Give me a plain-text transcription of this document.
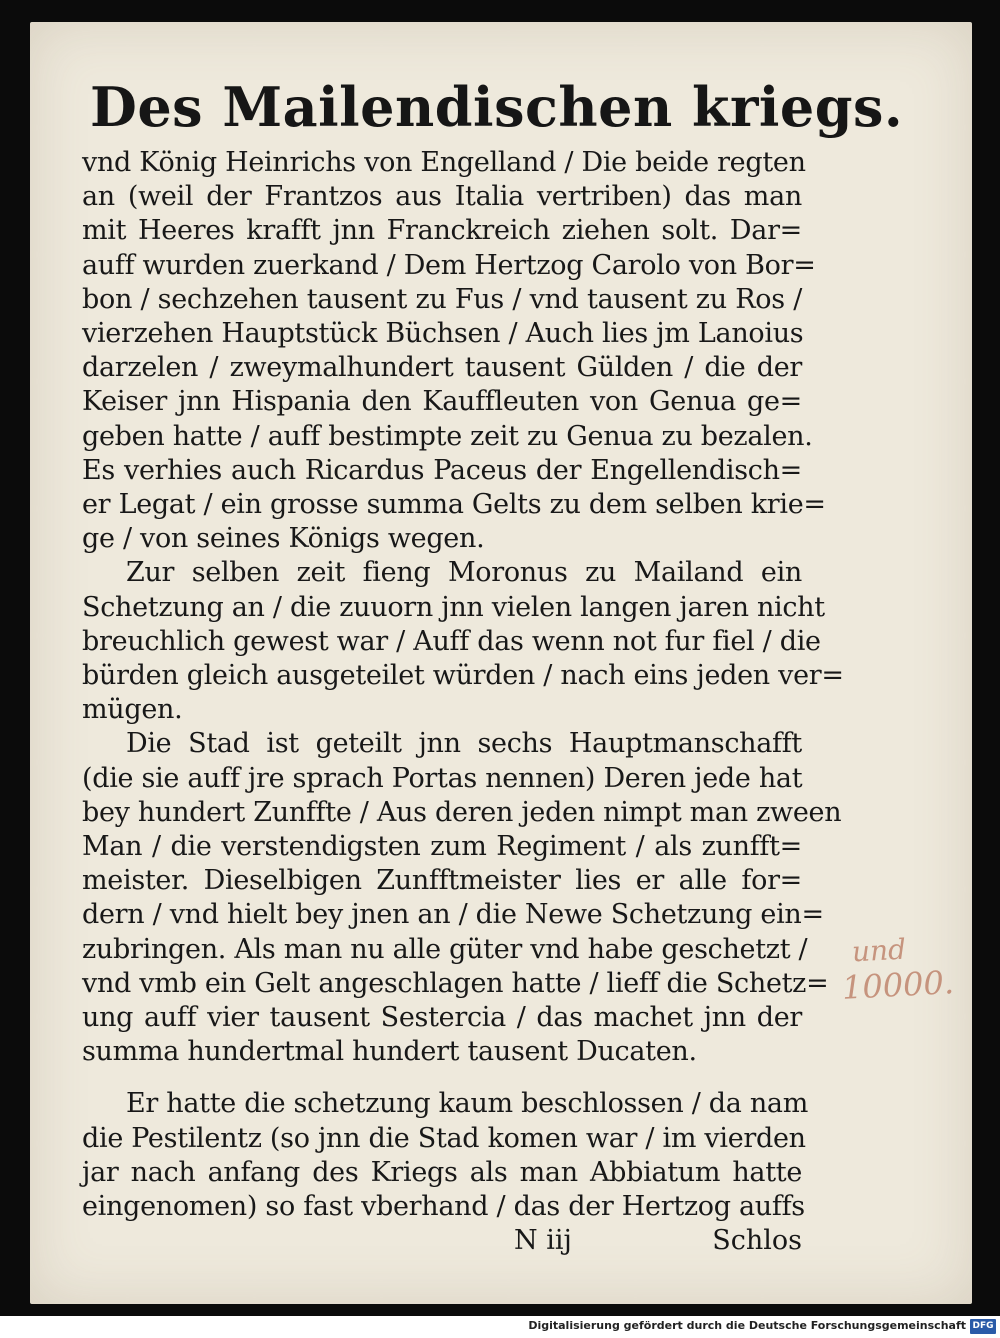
Des Mailendischen kriegs.
vnd König Heinrichs von Engelland / Die beide regten
an (weil der Frantzos aus Italia vertriben) das man
mit Heeres krafft jnn Franckreich ziehen solt. Dar=
auff wurden zuerkand / Dem Hertzog Carolo von Bor=
bon / sechzehen tausent zu Fus / vnd tausent zu Ros /
vierzehen Hauptstück Büchsen / Auch lies jm Lanoius
darzelen / zweymalhundert tausent Gülden / die der
Keiser jnn Hispania den Kauffleuten von Genua ge=
geben hatte / auff bestimpte zeit zu Genua zu bezalen.
Es verhies auch Ricardus Paceus der Engellendisch=
er Legat / ein grosse summa Gelts zu dem selben krie=
ge / von seines Königs wegen.
Zur selben zeit fieng Moronus zu Mailand ein
Schetzung an / die zuuorn jnn vielen langen jaren nicht
breuchlich gewest war / Auff das wenn not fur fiel / die
bürden gleich ausgeteilet würden / nach eins jeden ver=
mügen.
Die Stad ist geteilt jnn sechs Hauptmanschafft
(die sie auff jre sprach Portas nennen) Deren jede hat
bey hundert Zunffte / Aus deren jeden nimpt man zween
Man / die verstendigsten zum Regiment / als zunfft=
meister. Dieselbigen Zunfftmeister lies er alle for=
dern / vnd hielt bey jnen an / die Newe Schetzung ein=
zubringen. Als man nu alle güter vnd habe geschetzt /
vnd vmb ein Gelt angeschlagen hatte / lieff die Schetz=
ung auff vier tausent Sestercia / das machet jnn der
summa hundertmal hundert tausent Ducaten.
Er hatte die schetzung kaum beschlossen / da nam
die Pestilentz (so jnn die Stad komen war / im vierden
jar nach anfang des Kriegs als man Abbiatum hatte
eingenomen) so fast vberhand / das der Hertzog auffs
N iij	Schlos
und
10000.
Digitalisierung gefördert durch die Deutsche Forschungsgemeinschaft DFG
